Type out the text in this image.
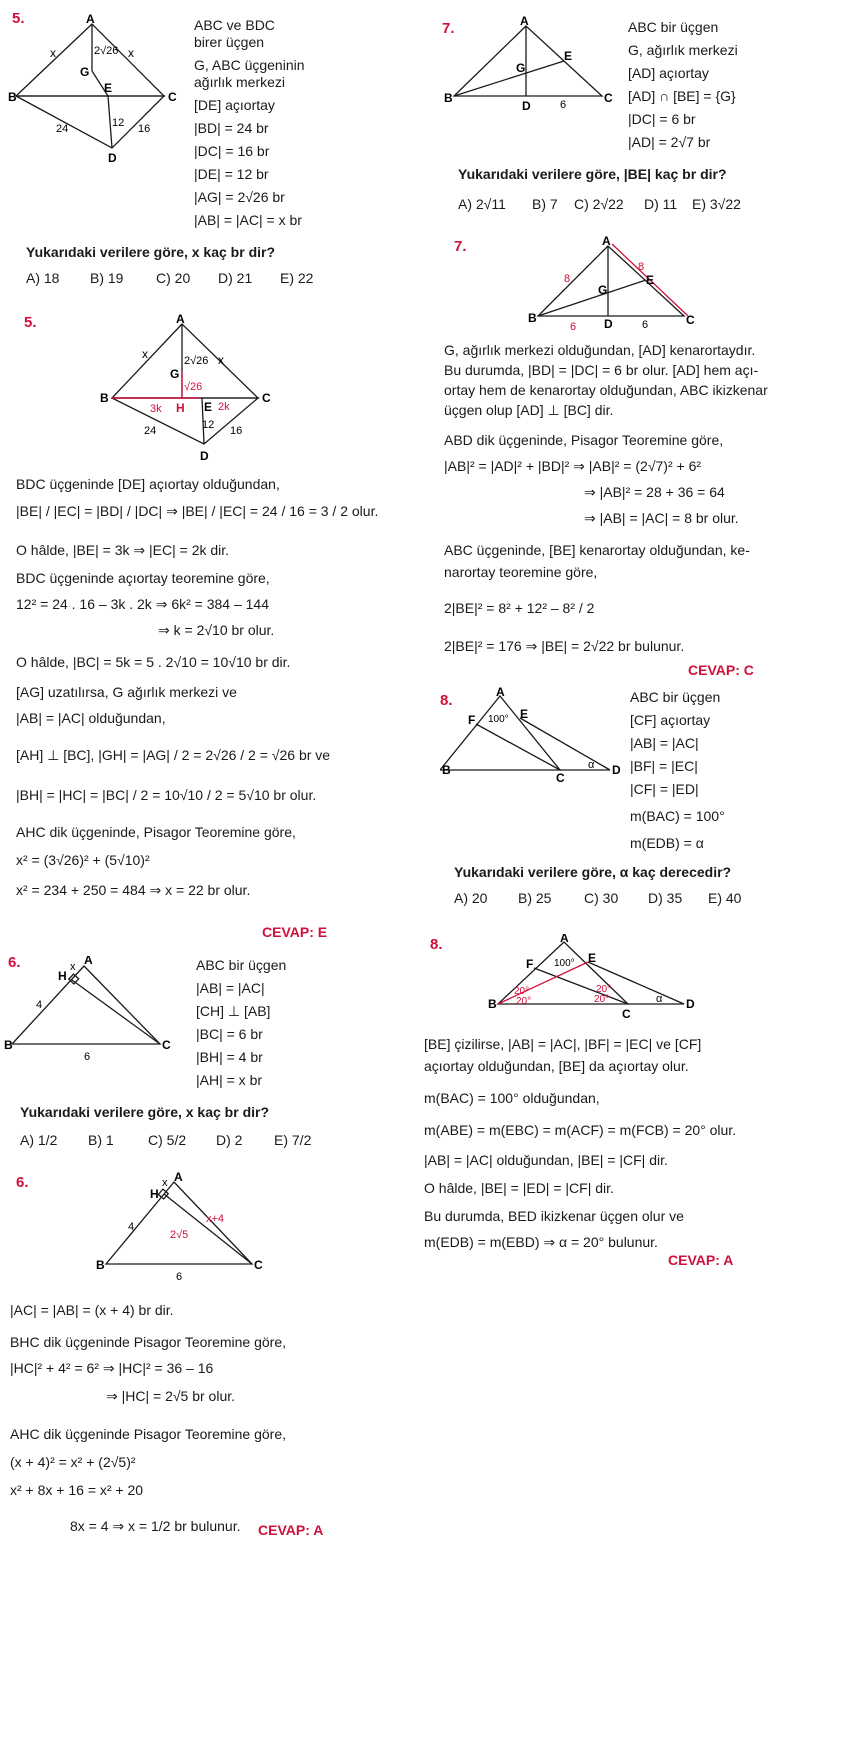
5.	A
B	C
D
E
G
x	x
2√26
24	12 16
ABC ve BDC
birer üçgen
G, ABC üçgeninin
ağırlık merkezi
[DE] açıortay
|BD| = 24 br
|DC| = 16 br
|DE| = 12 br
|AG| = 2√26 br
|AB| = |AC| = x br
Yukarıdaki verilere göre, x kaç br dir?
A) 18	B) 19	C) 20	D) 21	E) 22
5.	A
B	C
D
E
G
H
x	x
2√26
√26
3k	2k
24	12 16
BDC üçgeninde [DE] açıortay olduğundan,
|BE| / |EC| = |BD| / |DC| ⇒ |BE| / |EC| = 24 / 16 = 3 / 2 olur.
O hâlde, |BE| = 3k ⇒ |EC| = 2k dir.
BDC üçgeninde açıortay teoremine göre,
12² = 24 . 16 – 3k . 2k ⇒ 6k² = 384 – 144
⇒ k = 2√10 br olur.
O hâlde, |BC| = 5k = 5 . 2√10 = 10√10 br dir.
[AG] uzatılırsa, G ağırlık merkezi ve
|AB| = |AC| olduğundan,
[AH] ⊥ [BC], |GH| = |AG| / 2 = 2√26 / 2 = √26 br ve
|BH| = |HC| = |BC| / 2 = 10√10 / 2 = 5√10 br olur.
AHC dik üçgeninde, Pisagor Teoremine göre,
x² = (3√26)² + (5√10)²
x² = 234 + 250 = 484 ⇒ x = 22 br olur.
CEVAP: E
6.	A
B	C
H
x
4
6
ABC bir üçgen
|AB| = |AC|
[CH] ⊥ [AB]
|BC| = 6 br
|BH| = 4 br
|AH| = x br
Yukarıdaki verilere göre, x kaç br dir?
A) 1/2	B) 1	C) 5/2	D) 2	E) 7/2
6.	A
B	C
H
x
x+4
2√5
4
6
|AC| = |AB| = (x + 4) br dir.
BHC dik üçgeninde Pisagor Teoremine göre,
|HC|² + 4² = 6² ⇒ |HC|² = 36 – 16
⇒ |HC| = 2√5 br olur.
AHC dik üçgeninde Pisagor Teoremine göre,
(x + 4)² = x² + (2√5)²
x² + 8x + 16 = x² + 20
8x = 4 ⇒ x = 1/2 br bulunur.	CEVAP: A
7.	A
B	C
D
E
G
6
ABC bir üçgen
G, ağırlık merkezi
[AD] açıortay
[AD] ∩ [BE] = {G}
|DC| = 6 br
|AD| = 2√7 br
Yukarıdaki verilere göre, |BE| kaç br dir?
A) 2√11	B) 7	C) 2√22	D) 11	E) 3√22
7.	A
B	C
D
E
G
8
8
6	6
G, ağırlık merkezi olduğundan, [AD] kenarortaydır.
Bu durumda, |BD| = |DC| = 6 br olur. [AD] hem açı-
ortay hem de kenarortay olduğundan, ABC ikizkenar
üçgen olup [AD] ⊥ [BC] dir.
ABD dik üçgeninde, Pisagor Teoremine göre,
|AB|² = |AD|² + |BD|² ⇒ |AB|² = (2√7)² + 6²
⇒ |AB|² = 28 + 36 = 64
⇒ |AB| = |AC| = 8 br olur.
ABC üçgeninde, [BE] kenarortay olduğundan, ke-
narortay teoremine göre,
2|BE|² = 8² + 12² – 8² / 2
2|BE|² = 176 ⇒ |BE| = 2√22 br bulunur.
CEVAP: C
8.	A
B
C
D
E
F 100°
α
ABC bir üçgen
[CF] açıortay
|AB| = |AC|
|BF| = |EC|
|CF| = |ED|
m(BAC) = 100°
m(EDB) = α
Yukarıdaki verilere göre, α kaç derecedir?
A) 20	B) 25	C) 30	D) 35	E) 40
8.	A
B
C
D
E
F 100°
α
20°
20°	20°
20°
[BE] çizilirse, |AB| = |AC|, |BF| = |EC| ve [CF]
açıortay olduğundan, [BE] da açıortay olur.
m(BAC) = 100° olduğundan,
m(ABE) = m(EBC) = m(ACF) = m(FCB) = 20° olur.
|AB| = |AC| olduğundan, |BE| = |CF| dir.
O hâlde, |BE| = |ED| = |CF| dir.
Bu durumda, BED ikizkenar üçgen olur ve
m(EDB) = m(EBD) ⇒ α = 20° bulunur.
CEVAP: A
